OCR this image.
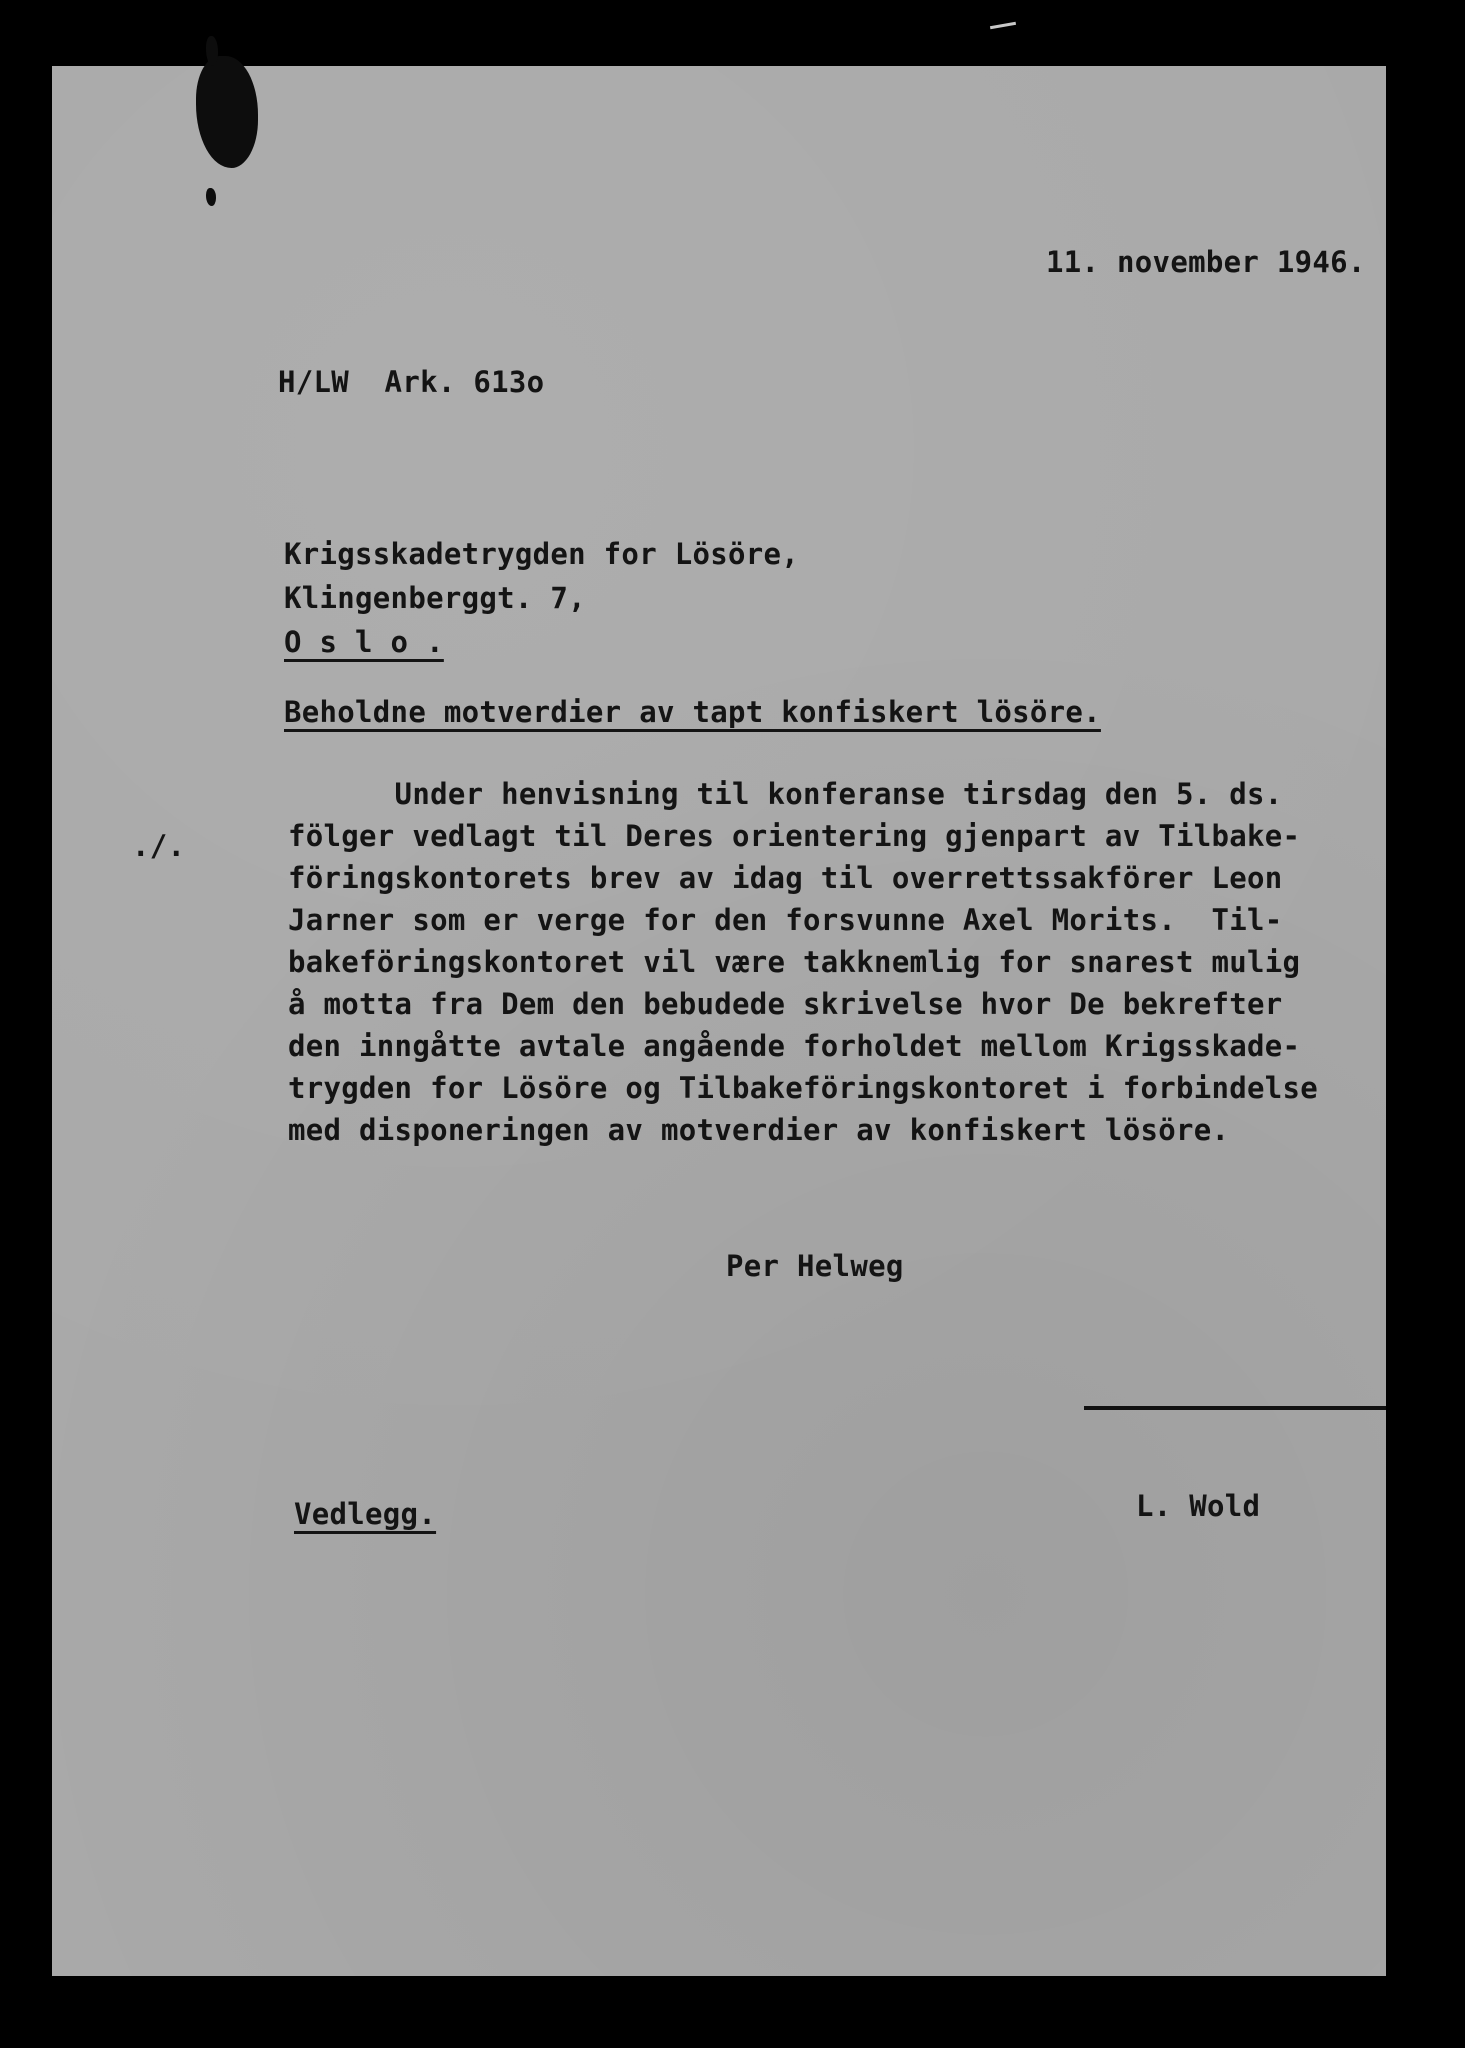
11. november 1946.
H/LW  Ark. 613o
Krigsskadetrygden for Lösöre,
Klingenberggt. 7,
O s l o .
Beholdne motverdier av tapt konfiskert lösöre.
./.

Under henvisning til konferanse tirsdag den 5. ds.

fölger vedlagt til Deres orientering gjenpart av Tilbake-

föringskontorets brev av idag til overrettssakförer Leon

Jarner som er verge for den forsvunne Axel Morits.  Til-

bakeföringskontoret vil være takknemlig for snarest mulig

å motta fra Dem den bebudede skrivelse hvor De bekrefter

den inngåtte avtale angående forholdet mellom Krigsskade-

trygden for Lösöre og Tilbakeföringskontoret i forbindelse

med disponeringen av motverdier av konfiskert lösöre.

Per Helweg
Vedlegg.	L. Wold
